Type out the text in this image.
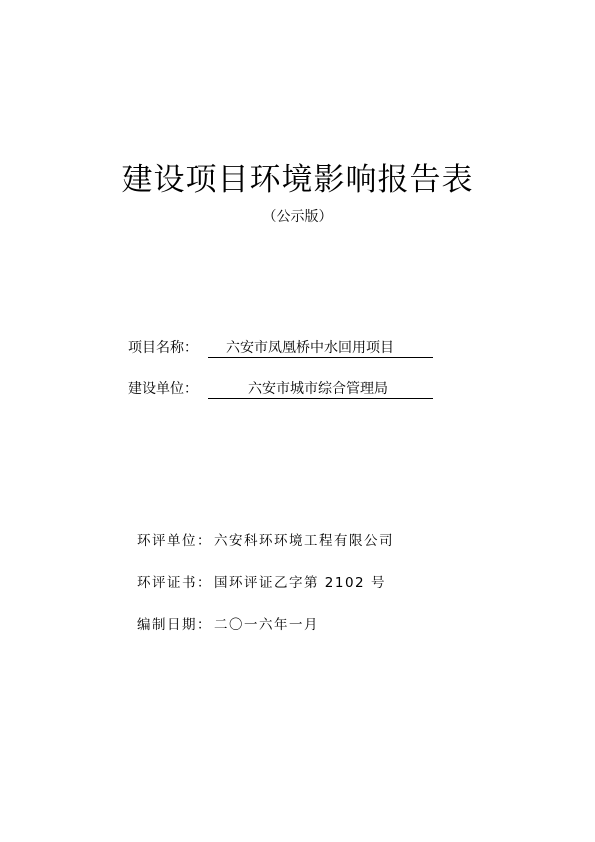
建设项目环境影响报告表
（公示版）
项目名称：	六安市凤凰桥中水回用项目
建设单位：	六安市城市综合管理局
环评单位： 六安科环环境工程有限公司
环评证书： 国环评证乙字第 2102 号
编制日期： 二〇一六年一月
